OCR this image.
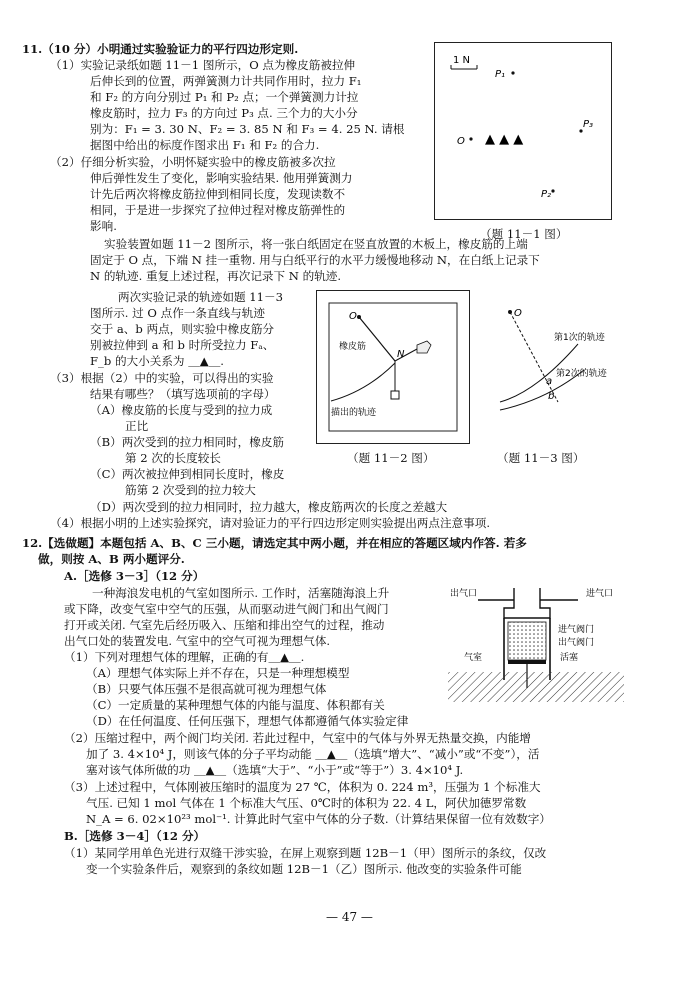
11.（10 分）小明通过实验验证力的平行四边形定则.
（1）实验记录纸如题 11－1 图所示，O 点为橡皮筋被拉伸
后伸长到的位置，两弹簧测力计共同作用时，拉力 F₁
和 F₂ 的方向分别过 P₁ 和 P₂ 点；一个弹簧测力计拉
橡皮筋时，拉力 F₃ 的方向过 P₃ 点. 三个力的大小分
别为：F₁ = 3. 30 N、F₂ = 3. 85 N 和 F₃ = 4. 25 N. 请根
据图中给出的标度作图求出 F₁ 和 F₂ 的合力.
（2）仔细分析实验，小明怀疑实验中的橡皮筋被多次拉
伸后弹性发生了变化，影响实验结果. 他用弹簧测力
计先后两次将橡皮筋拉伸到相同长度，发现读数不
相同，于是进一步探究了拉伸过程对橡皮筋弹性的
影响.
实验装置如题 11－2 图所示，将一张白纸固定在竖直放置的木板上，橡皮筋的上端
固定于 O 点，下端 N 挂一重物. 用与白纸平行的水平力缓慢地移动 N，在白纸上记录下
N 的轨迹. 重复上述过程，再次记录下 N 的轨迹.
两次实验记录的轨迹如题 11－3
图所示. 过 O 点作一条直线与轨迹
交于 a、b 两点，则实验中橡皮筋分
别被拉伸到 a 和 b 时所受拉力 Fₐ、
F_b 的大小关系为 ＿▲＿.
（3）根据（2）中的实验，可以得出的实验
结果有哪些？（填写选项前的字母）
（A）橡皮筋的长度与受到的拉力成
正比
（B）两次受到的拉力相同时，橡皮筋
第 2 次的长度较长
（C）两次被拉伸到相同长度时，橡皮
筋第 2 次受到的拉力较大
（D）两次受到的拉力相同时，拉力越大，橡皮筋两次的长度之差越大
（4）根据小明的上述实验探究，请对验证力的平行四边形定则实验提出两点注意事项.
1 N
P₁
P₃
O ▲ ▲ ▲
P₂
（题 11－1 图）
O
橡皮筋
N
描出的轨迹
（题 11－2 图）
O
第1次的轨迹
第2次的轨迹
a
b
（题 11－3 图）
12.【选做题】本题包括 A、B、C 三小题，请选定其中两小题，并在相应的答题区域内作答. 若多
做，则按 A、B 两小题评分.
A.［选修 3－3］（12 分）
一种海浪发电机的气室如图所示. 工作时，活塞随海浪上升
或下降，改变气室中空气的压强，从而驱动进气阀门和出气阀门
打开或关闭. 气室先后经历吸入、压缩和排出空气的过程，推动
出气口处的装置发电. 气室中的空气可视为理想气体.
（1）下列对理想气体的理解，正确的有＿▲＿.
（A）理想气体实际上并不存在，只是一种理想模型
（B）只要气体压强不是很高就可视为理想气体
（C）一定质量的某种理想气体的内能与温度、体积都有关
（D）在任何温度、任何压强下，理想气体都遵循气体实验定律
（2）压缩过程中，两个阀门均关闭. 若此过程中，气室中的气体与外界无热量交换，内能增
加了 3. 4×10⁴ J，则该气体的分子平均动能 ＿▲＿（选填“增大”、“减小”或“不变”），活
塞对该气体所做的功 ＿▲＿（选填“大于”、“小于”或“等于”）3. 4×10⁴ J.
（3）上述过程中，气体刚被压缩时的温度为 27 ℃，体积为 0. 224 m³，压强为 1 个标准大
气压. 已知 1 mol 气体在 1 个标准大气压、0℃时的体积为 22. 4 L，阿伏加德罗常数
N_A = 6. 02×10²³ mol⁻¹. 计算此时气室中气体的分子数.（计算结果保留一位有效数字）
B.［选修 3－4］（12 分）
（1）某同学用单色光进行双缝干涉实验，在屏上观察到题 12B－1（甲）图所示的条纹，仅改
变一个实验条件后，观察到的条纹如题 12B－1（乙）图所示. 他改变的实验条件可能
出气口	进气口
进气阀门
出气阀门
气室	活塞
— 47 —
